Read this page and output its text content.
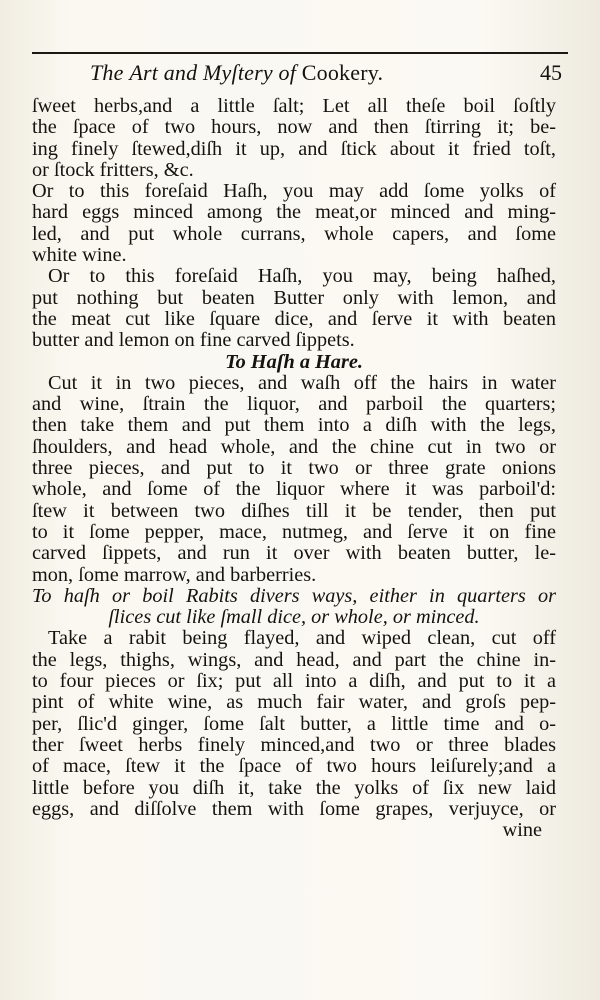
The Art and Myſtery of Cookery.	45
ſweet herbs,and a little ſalt; Let all theſe boil ſoſtly
the ſpace of two hours, now and then ſtirring it; be-
ing finely ſtewed,diſh it up, and ſtick about it fried toſt,
or ſtock fritters, &c.
Or to this foreſaid Haſh, you may add ſome yolks of
hard eggs minced among the meat,or minced and ming-
led, and put whole currans, whole capers, and ſome
white wine.
Or to this foreſaid Haſh, you may, being haſhed,
put nothing but beaten Butter only with lemon, and
the meat cut like ſquare dice, and ſerve it with beaten
butter and lemon on fine carved ſippets.
To Haſh a Hare.
Cut it in two pieces, and waſh off the hairs in water
and wine, ſtrain the liquor, and parboil the quarters;
then take them and put them into a diſh with the legs,
ſhoulders, and head whole, and the chine cut in two or
three pieces, and put to it two or three grate onions
whole, and ſome of the liquor where it was parboil'd:
ſtew it between two diſhes till it be tender, then put
to it ſome pepper, mace, nutmeg, and ſerve it on fine
carved ſippets, and run it over with beaten butter, le-
mon, ſome marrow, and barberries.
To haſh or boil Rabits divers ways, either in quarters or
ſlices cut like ſmall dice, or whole, or minced.
Take a rabit being flayed, and wiped clean, cut off
the legs, thighs, wings, and head, and part the chine in-
to four pieces or ſix; put all into a diſh, and put to it a
pint of white wine, as much fair water, and groſs pep-
per, ſlic'd ginger, ſome ſalt butter, a little time and o-
ther ſweet herbs finely minced,and two or three blades
of mace, ſtew it the ſpace of two hours leiſurely;and a
little before you diſh it, take the yolks of ſix new laid
eggs, and diſſolve them with ſome grapes, verjuyce, or
wine
